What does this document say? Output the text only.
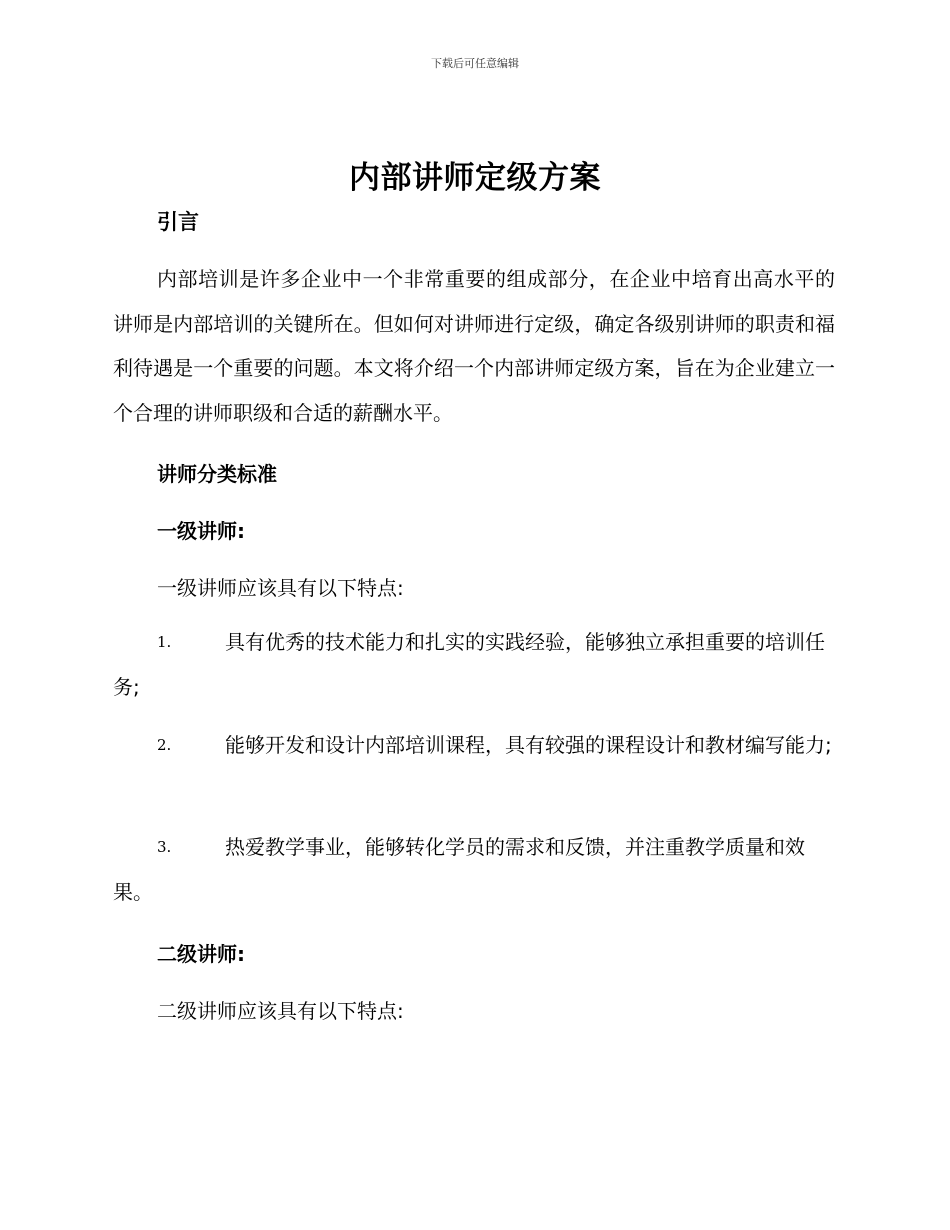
下载后可任意编辑
内部讲师定级方案
引言
内部培训是许多企业中一个非常重要的组成部分，在企业中培育出高水平的讲师是内部培训的关键所在。但如何对讲师进行定级，确定各级别讲师的职责和福利待遇是一个重要的问题。本文将介绍一个内部讲师定级方案，旨在为企业建立一个合理的讲师职级和合适的薪酬水平。
讲师分类标准
一级讲师:
一级讲师应该具有以下特点:
1.	具有优秀的技术能力和扎实的实践经验，能够独立承担重要的培训任务;
2.	能够开发和设计内部培训课程，具有较强的课程设计和教材编写能力;
3.	热爱教学事业，能够转化学员的需求和反馈，并注重教学质量和效果。
二级讲师:
二级讲师应该具有以下特点:
